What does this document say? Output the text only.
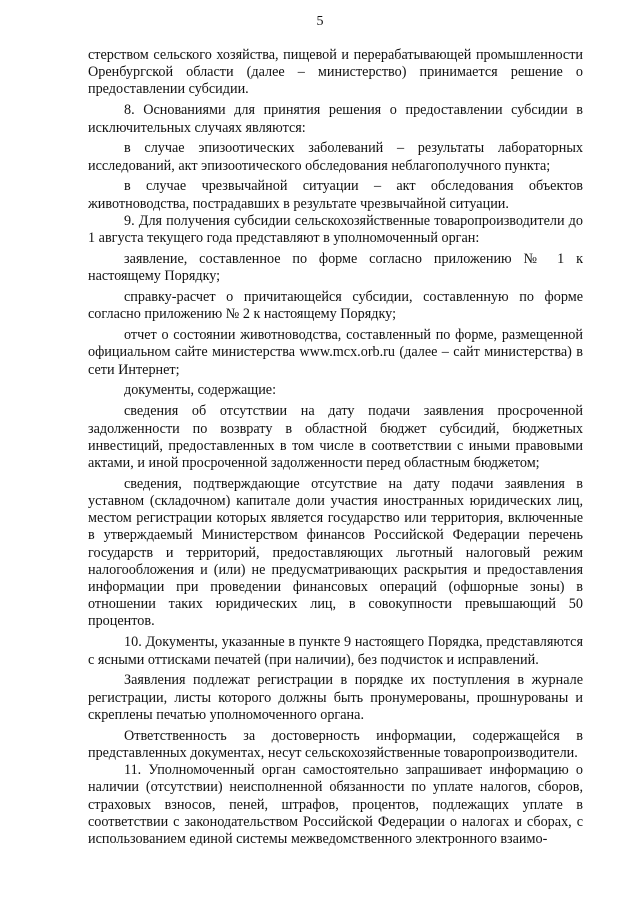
5

стерством сельского хозяйства, пищевой и перерабатывающей промышленности Оренбургской области (далее – министерство) принимается решение о предоставлении субсидии.

8. Основаниями для принятия решения о предоставлении субсидии в исключительных случаях являются:

в случае эпизоотических заболеваний – результаты лабораторных исследований, акт эпизоотического обследования неблагополучного пункта;

в случае чрезвычайной ситуации – акт обследования объектов животноводства, пострадавших в результате чрезвычайной ситуации.

9. Для получения субсидии сельскохозяйственные товаропроизводители до 1 августа текущего года представляют в уполномоченный орган:

заявление, составленное по форме согласно приложению № 1 к настоящему Порядку;

справку-расчет о причитающейся субсидии, составленную по форме согласно приложению № 2 к настоящему Порядку;

отчет о состоянии животноводства, составленный по форме, размещенной официальном сайте министерства www.mcx.orb.ru (далее – сайт министерства) в сети Интернет;

документы, содержащие:

сведения об отсутствии на дату подачи заявления просроченной задолженности по возврату в областной бюджет субсидий, бюджетных инвестиций, предоставленных в том числе в соответствии с иными правовыми актами, и иной просроченной задолженности перед областным бюджетом;

сведения, подтверждающие отсутствие на дату подачи заявления в уставном (складочном) капитале доли участия иностранных юридических лиц, местом регистрации которых является государство или территория, включенные в утверждаемый Министерством финансов Российской Федерации перечень государств и территорий, предоставляющих льготный налоговый режим налогообложения и (или) не предусматривающих раскрытия и предоставления информации при проведении финансовых операций (офшорные зоны) в отношении таких юридических лиц, в совокупности превышающий 50 процентов.

10. Документы, указанные в пункте 9 настоящего Порядка, представляются с ясными оттисками печатей (при наличии), без подчисток и исправлений.

Заявления подлежат регистрации в порядке их поступления в журнале регистрации, листы которого должны быть пронумерованы, прошнурованы и скреплены печатью уполномоченного органа.

Ответственность за достоверность информации, содержащейся в представленных документах, несут сельскохозяйственные товаропроизводители.

11. Уполномоченный орган самостоятельно запрашивает информацию о наличии (отсутствии) неисполненной обязанности по уплате налогов, сборов, страховых взносов, пеней, штрафов, процентов, подлежащих уплате в соответствии с законодательством Российской Федерации о налогах и сборах, с использованием единой системы межведомственного электронного взаимо-
